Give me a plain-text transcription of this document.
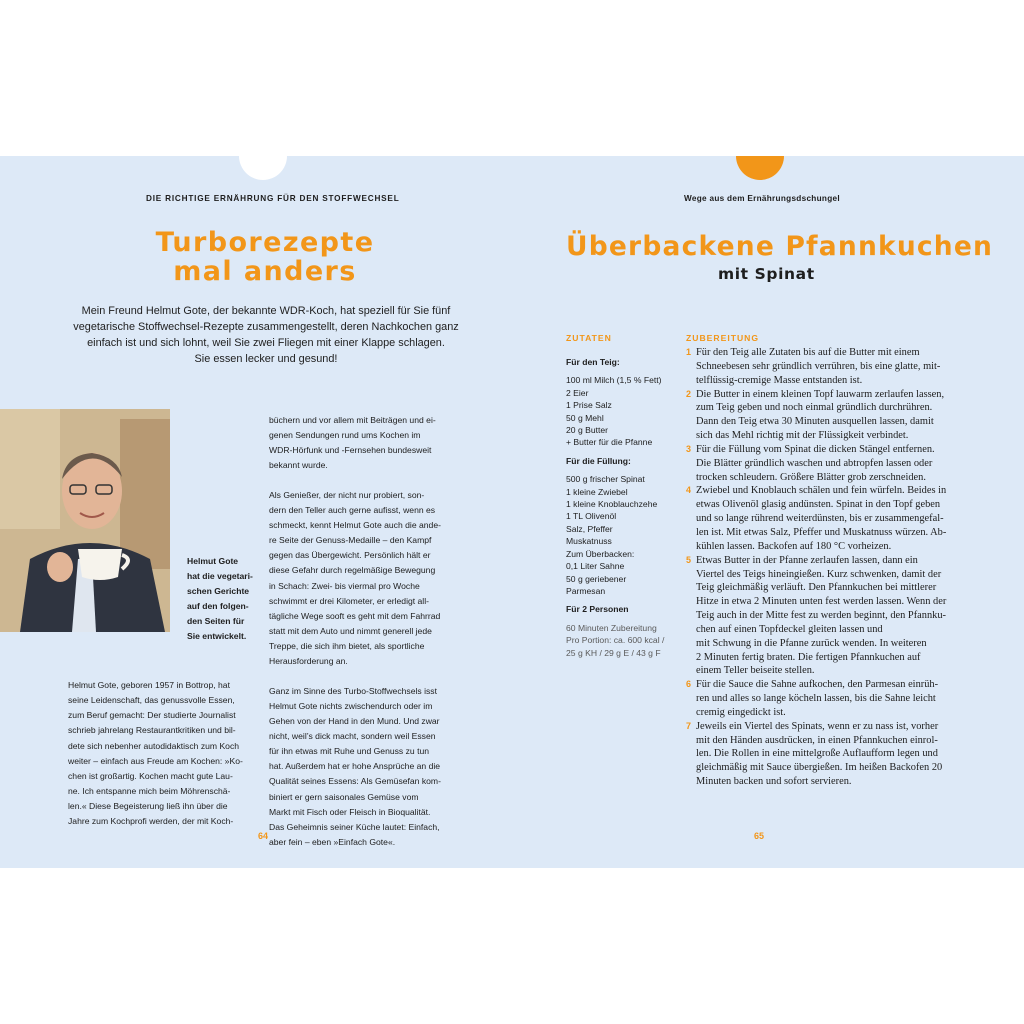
DIE RICHTIGE ERNÄHRUNG FÜR DEN STOFFWECHSEL
Turborezepte
mal anders
Mein Freund Helmut Gote, der bekannte WDR-Koch, hat speziell für Sie fünf
vegetarische Stoffwechsel-Rezepte zusammengestellt, deren Nachkochen ganz
einfach ist und sich lohnt, weil Sie zwei Fliegen mit einer Klappe schlagen.
Sie essen lecker und gesund!
Helmut Gote
hat die vegetari-
schen Gerichte
auf den folgen-
den Seiten für
Sie entwickelt.
Helmut Gote, geboren 1957 in Bottrop, hat
seine Leidenschaft, das genussvolle Essen,
zum Beruf gemacht: Der studierte Journalist
schrieb jahrelang Restaurantkritiken und bil-
dete sich nebenher autodidaktisch zum Koch
weiter – einfach aus Freude am Kochen: »Ko-
chen ist großartig. Kochen macht gute Lau-
ne. Ich entspanne mich beim Möhrenschä-
len.« Diese Begeisterung ließ ihn über die
Jahre zum Kochprofi werden, der mit Koch-

büchern und vor allem mit Beiträgen und ei-
genen Sendungen rund ums Kochen im
WDR-Hörfunk und -Fernsehen bundesweit
bekannt wurde.

Als Genießer, der nicht nur probiert, son-
dern den Teller auch gerne aufisst, wenn es
schmeckt, kennt Helmut Gote auch die ande-
re Seite der Genuss-Medaille – den Kampf
gegen das Übergewicht. Persönlich hält er
diese Gefahr durch regelmäßige Bewegung
in Schach: Zwei- bis viermal pro Woche
schwimmt er drei Kilometer, er erledigt all-
tägliche Wege sooft es geht mit dem Fahrrad
statt mit dem Auto und nimmt generell jede
Treppe, die sich ihm bietet, als sportliche
Herausforderung an.

Ganz im Sinne des Turbo-Stoffwechsels isst
Helmut Gote nichts zwischendurch oder im
Gehen von der Hand in den Mund. Und zwar
nicht, weil’s dick macht, sondern weil Essen
für ihn etwas mit Ruhe und Genuss zu tun
hat. Außerdem hat er hohe Ansprüche an die
Qualität seines Essens: Als Gemüsefan kom-
biniert er gern saisonales Gemüse vom
Markt mit Fisch oder Fleisch in Bioqualität.
Das Geheimnis seiner Küche lautet: Einfach,
aber fein – eben »Einfach Gote«.

64
Wege aus dem Ernährungsdschungel
Überbackene Pfannkuchen
mit Spinat
ZUTATEN	ZUBEREITUNG
Für den Teig:
100 ml Milch (1,5 % Fett)
2 Eier
1 Prise Salz
50 g Mehl
20 g Butter
+ Butter für die Pfanne
Für die Füllung:
500 g frischer Spinat
1 kleine Zwiebel
1 kleine Knoblauchzehe
1 TL Olivenöl
Salz, Pfeffer
Muskatnuss
Zum Überbacken:
0,1 Liter Sahne
50 g geriebener
Parmesan
Für 2 Personen
60 Minuten Zubereitung
Pro Portion: ca. 600 kcal /
25 g KH / 29 g E / 43 g F
1 Für den Teig alle Zutaten bis auf die Butter mit einem
Schneebesen sehr gründlich verrühren, bis eine glatte, mit-
telflüssig-cremige Masse entstanden ist.
2 Die Butter in einem kleinen Topf lauwarm zerlaufen lassen,
zum Teig geben und noch einmal gründlich durchrühren.
Dann den Teig etwa 30 Minuten ausquellen lassen, damit
sich das Mehl richtig mit der Flüssigkeit verbindet.
3 Für die Füllung vom Spinat die dicken Stängel entfernen.
Die Blätter gründlich waschen und abtropfen lassen oder
trocken schleudern. Größere Blätter grob zerschneiden.
4 Zwiebel und Knoblauch schälen und fein würfeln. Beides in
etwas Olivenöl glasig andünsten. Spinat in den Topf geben
und so lange rührend weiterdünsten, bis er zusammengefal-
len ist. Mit etwas Salz, Pfeffer und Muskatnuss würzen. Ab-
kühlen lassen. Backofen auf 180 °C vorheizen.
5 Etwas Butter in der Pfanne zerlaufen lassen, dann ein
Viertel des Teigs hineingießen. Kurz schwenken, damit der
Teig gleichmäßig verläuft. Den Pfannkuchen bei mittlerer
Hitze in etwa 2 Minuten unten fest werden lassen. Wenn der
Teig auch in der Mitte fest zu werden beginnt, den Pfannku-
chen auf einen Topfdeckel gleiten lassen und
mit Schwung in die Pfanne zurück wenden. In weiteren
2 Minuten fertig braten. Die fertigen Pfannkuchen auf
einem Teller beiseite stellen.
6 Für die Sauce die Sahne aufkochen, den Parmesan einrüh-
ren und alles so lange köcheln lassen, bis die Sahne leicht
cremig eingedickt ist.
7 Jeweils ein Viertel des Spinats, wenn er zu nass ist, vorher
mit den Händen ausdrücken, in einen Pfannkuchen einrol-
len. Die Rollen in eine mittelgroße Auflaufform legen und
gleichmäßig mit Sauce übergießen. Im heißen Backofen 20
Minuten backen und sofort servieren.
65
